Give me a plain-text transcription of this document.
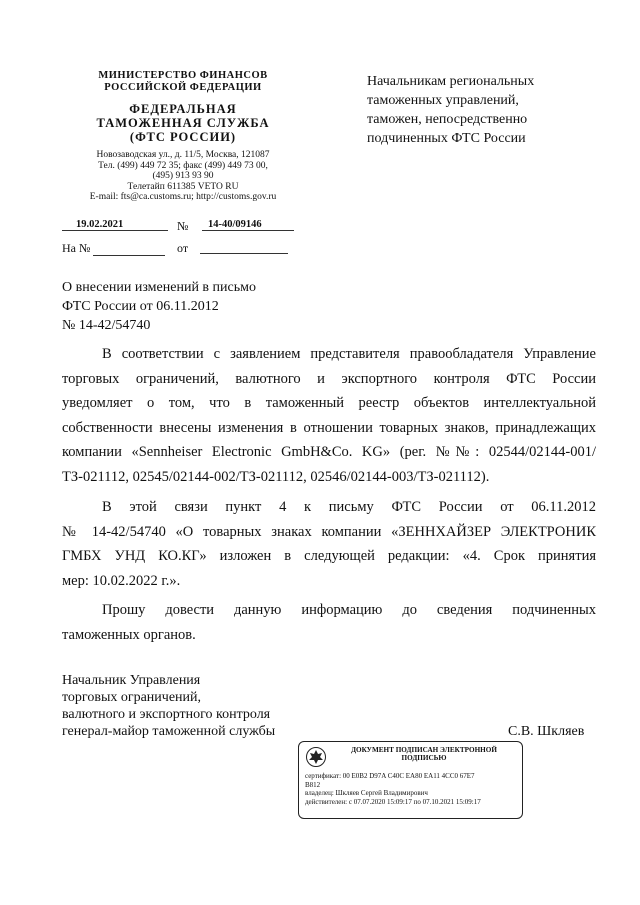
МИНИСТЕРСТВО ФИНАНСОВ
РОССИЙСКОЙ ФЕДЕРАЦИИ
ФЕДЕРАЛЬНАЯ
ТАМОЖЕННАЯ СЛУЖБА
(ФТС РОССИИ)
Новозаводская ул., д. 11/5, Москва, 121087
Тел. (499) 449 72 35; факс (499) 449 73 00,
(495) 913 93 90
Телетайп 611385 VETO RU
E-mail: fts@ca.customs.ru; http://customs.gov.ru
19.02.2021	№	14-40/09146
На №	от
Начальникам региональных
таможенных управлений,
таможен, непосредственно
подчиненных ФТС России
О внесении изменений в письмо
ФТС России от 06.11.2012
№ 14-42/54740
В соответствии с заявлением представителя правообладателя Управление
торговых ограничений, валютного и экспортного контроля ФТС России
уведомляет о том, что в таможенный реестр объектов интеллектуальной
собственности внесены изменения в отношении товарных знаков, принадлежащих
компании «Sennheiser Electronic GmbH&Co. KG» (рег. №№: 02544/02144-001/
ТЗ-021112, 02545/02144-002/ТЗ-021112, 02546/02144-003/ТЗ-021112).
В этой связи пункт 4 к письму ФТС России от 06.11.2012
№ 14-42/54740 «О товарных знаках компании «ЗЕННХАЙЗЕР ЭЛЕКТРОНИК
ГМБХ УНД КО.КГ» изложен в следующей редакции: «4. Срок принятия
мер: 10.02.2022 г.».
Прошу довести данную информацию до сведения подчиненных
таможенных органов.
Начальник Управления
торговых ограничений,
валютного и экспортного контроля
генерал-майор таможенной службы	С.В. Шкляев
ДОКУМЕНТ ПОДПИСАН ЭЛЕКТРОННОЙ
ПОДПИСЬЮ
сертификат: 00 E0B2 D97A C40C EA80 EA11 4CC0 67E7
B812
владелец: Шкляев Сергей Владимирович
действителен: с 07.07.2020 15:09:17 по 07.10.2021 15:09:17
